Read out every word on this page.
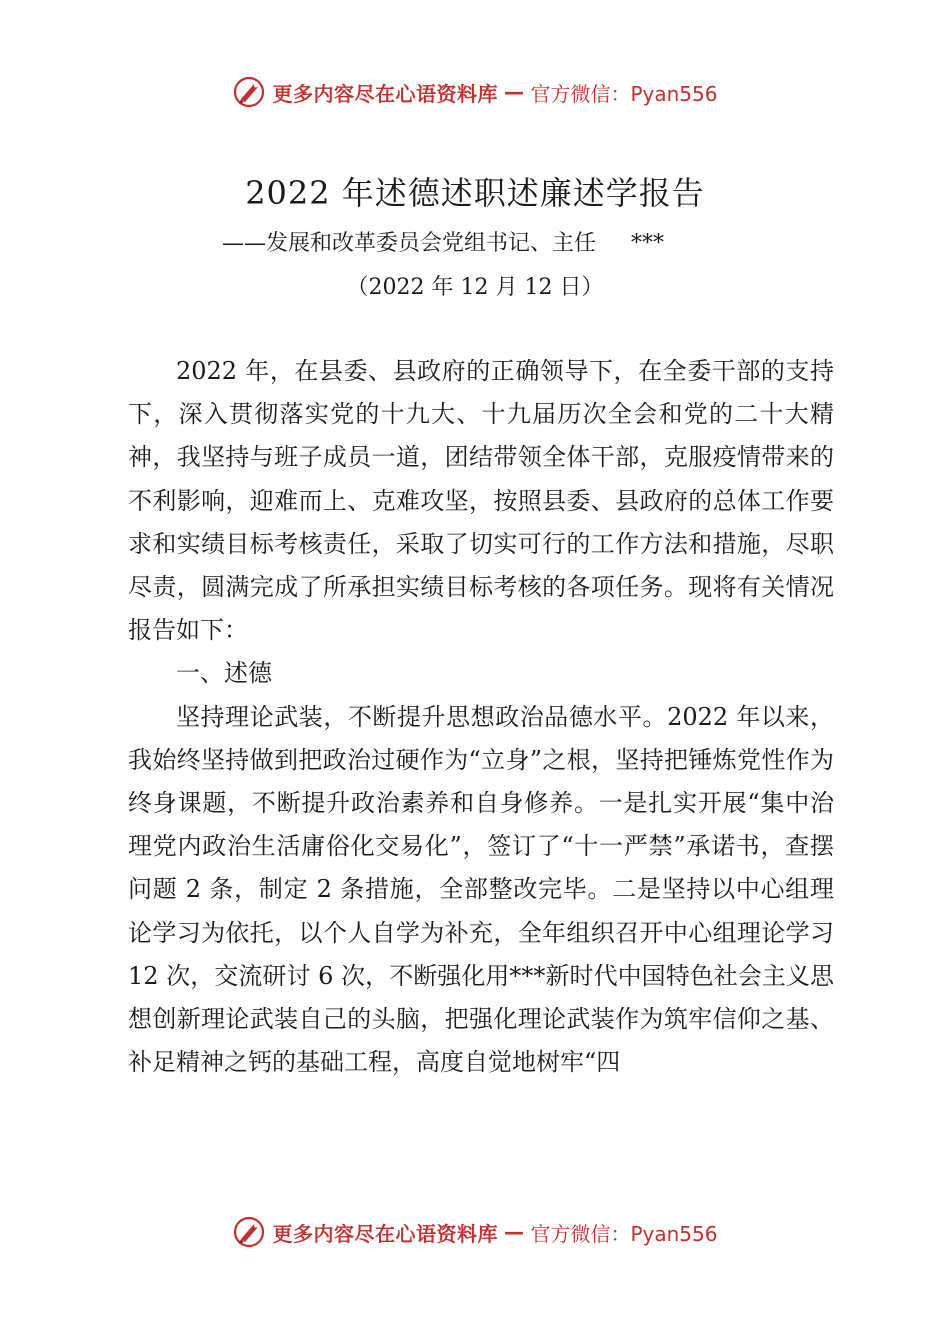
更多内容尽在心语资料库 — 官方微信：Pyan556
2022 年述德述职述廉述学报告

——发展和改革委员会党组书记、主任     ***

（2022 年 12 月 12 日）

2022 年，在县委、县政府的正确领导下，在全委干部的支持下，深入贯彻落实党的十九大、十九届历次全会和党的二十大精神，我坚持与班子成员一道，团结带领全体干部，克服疫情带来的不利影响，迎难而上、克难攻坚，按照县委、县政府的总体工作要求和实绩目标考核责任，采取了切实可行的工作方法和措施，尽职尽责，圆满完成了所承担实绩目标考核的各项任务。现将有关情况报告如下：

一、述德

坚持理论武装，不断提升思想政治品德水平。2022 年以来，我始终坚持做到把政治过硬作为“立身”之根，坚持把锤炼党性作为终身课题，不断提升政治素养和自身修养。一是扎实开展“集中治理党内政治生活庸俗化交易化”，签订了“十一严禁”承诺书，查摆问题 2 条，制定 2 条措施，全部整改完毕。二是坚持以中心组理论学习为依托，以个人自学为补充，全年组织召开中心组理论学习 12 次，交流研讨 6 次，不断强化用***新时代中国特色社会主义思想创新理论武装自己的头脑，把强化理论武装作为筑牢信仰之基、补足精神之钙的基础工程，高度自觉地树牢“四

更多内容尽在心语资料库 — 官方微信：Pyan556
